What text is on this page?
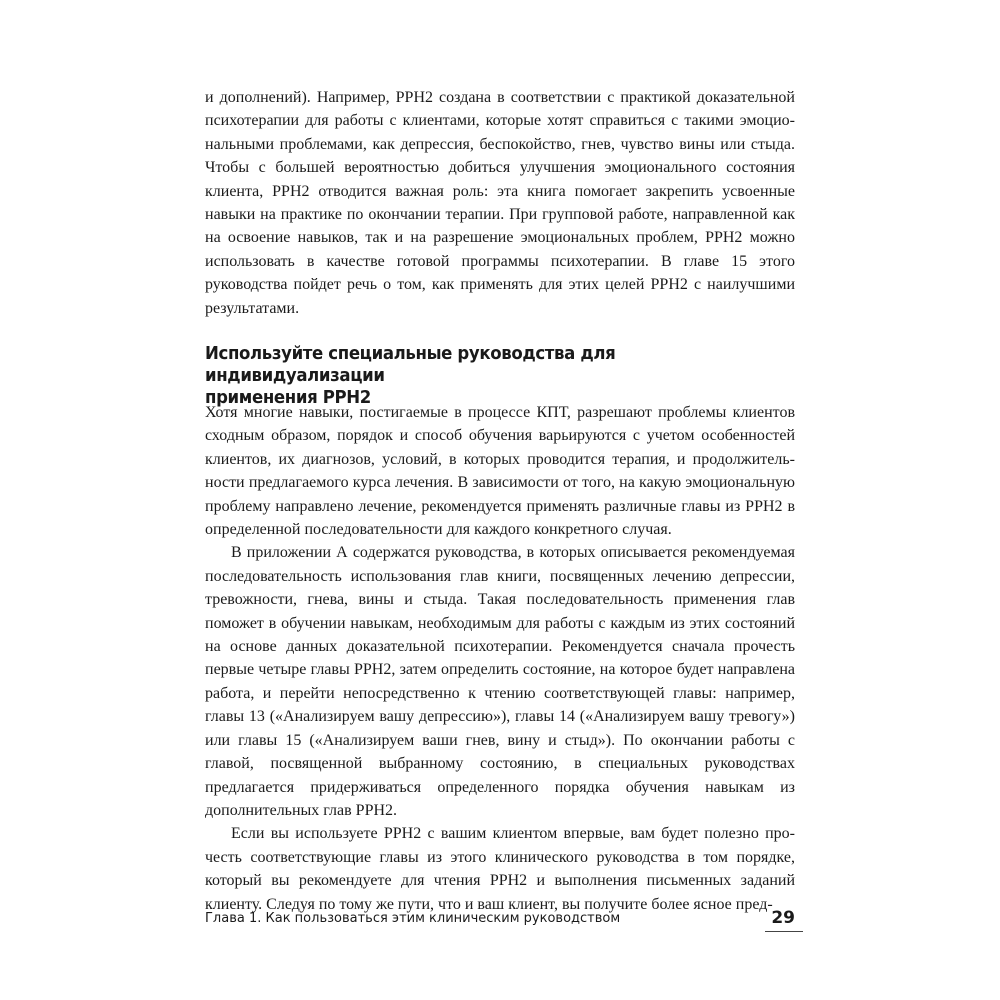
и дополнений). Например, РРН2 создана в соответствии с практикой доказательной психотерапии для работы с клиентами, которые хотят справиться с такими эмоциональными проблемами, как депрессия, беспокойство, гнев, чувство вины или стыда. Чтобы с большей вероятностью добиться улучшения эмоционального состояния клиента, РРН2 отводится важная роль: эта книга помогает закрепить усвоенные навыки на практике по окончании терапии. При групповой работе, направленной как на освоение навыков, так и на разрешение эмоциональных проблем, РРН2 можно использовать в качестве готовой программы психотерапии. В главе 15 этого руководства пойдет речь о том, как применять для этих целей РРН2 с наилучшими результатами.

Используйте специальные руководства для индивидуализации
применения РРН2

Хотя многие навыки, постигаемые в процессе КПТ, разрешают проблемы клиентов сходным образом, порядок и способ обучения варьируются с учетом особенностей клиентов, их диагнозов, условий, в которых проводится терапия, и продолжительности предлагаемого курса лечения. В зависимости от того, на какую эмоциональную проблему направлено лечение, рекомендуется применять различные главы из РРН2 в определенной последовательности для каждого конкретного случая.

В приложении А содержатся руководства, в которых описывается рекомендуемая последовательность использования глав книги, посвященных лечению депрессии, тревожности, гнева, вины и стыда. Такая последовательность применения глав поможет в обучении навыкам, необходимым для работы с каждым из этих состояний на основе данных доказательной психотерапии. Рекомендуется сначала прочесть первые четыре главы РРН2, затем определить состояние, на которое будет направлена работа, и перейти непосредственно к чтению соответствующей главы: например, главы 13 («Анализируем вашу депрессию»), главы 14 («Анализируем вашу тревогу») или главы 15 («Анализируем ваши гнев, вину и стыд»). По окончании работы с главой, посвященной выбранному состоянию, в специальных руководствах предлагается придерживаться определенного порядка обучения навыкам из дополнительных глав РРН2.

Если вы используете РРН2 с вашим клиентом впервые, вам будет полезно прочесть соответствующие главы из этого клинического руководства в том порядке, который вы рекомендуете для чтения РРН2 и выполнения письменных заданий клиенту. Следуя по тому же пути, что и ваш клиент, вы получите более ясное пред-

Глава 1. Как пользоваться этим клиническим руководством	29
